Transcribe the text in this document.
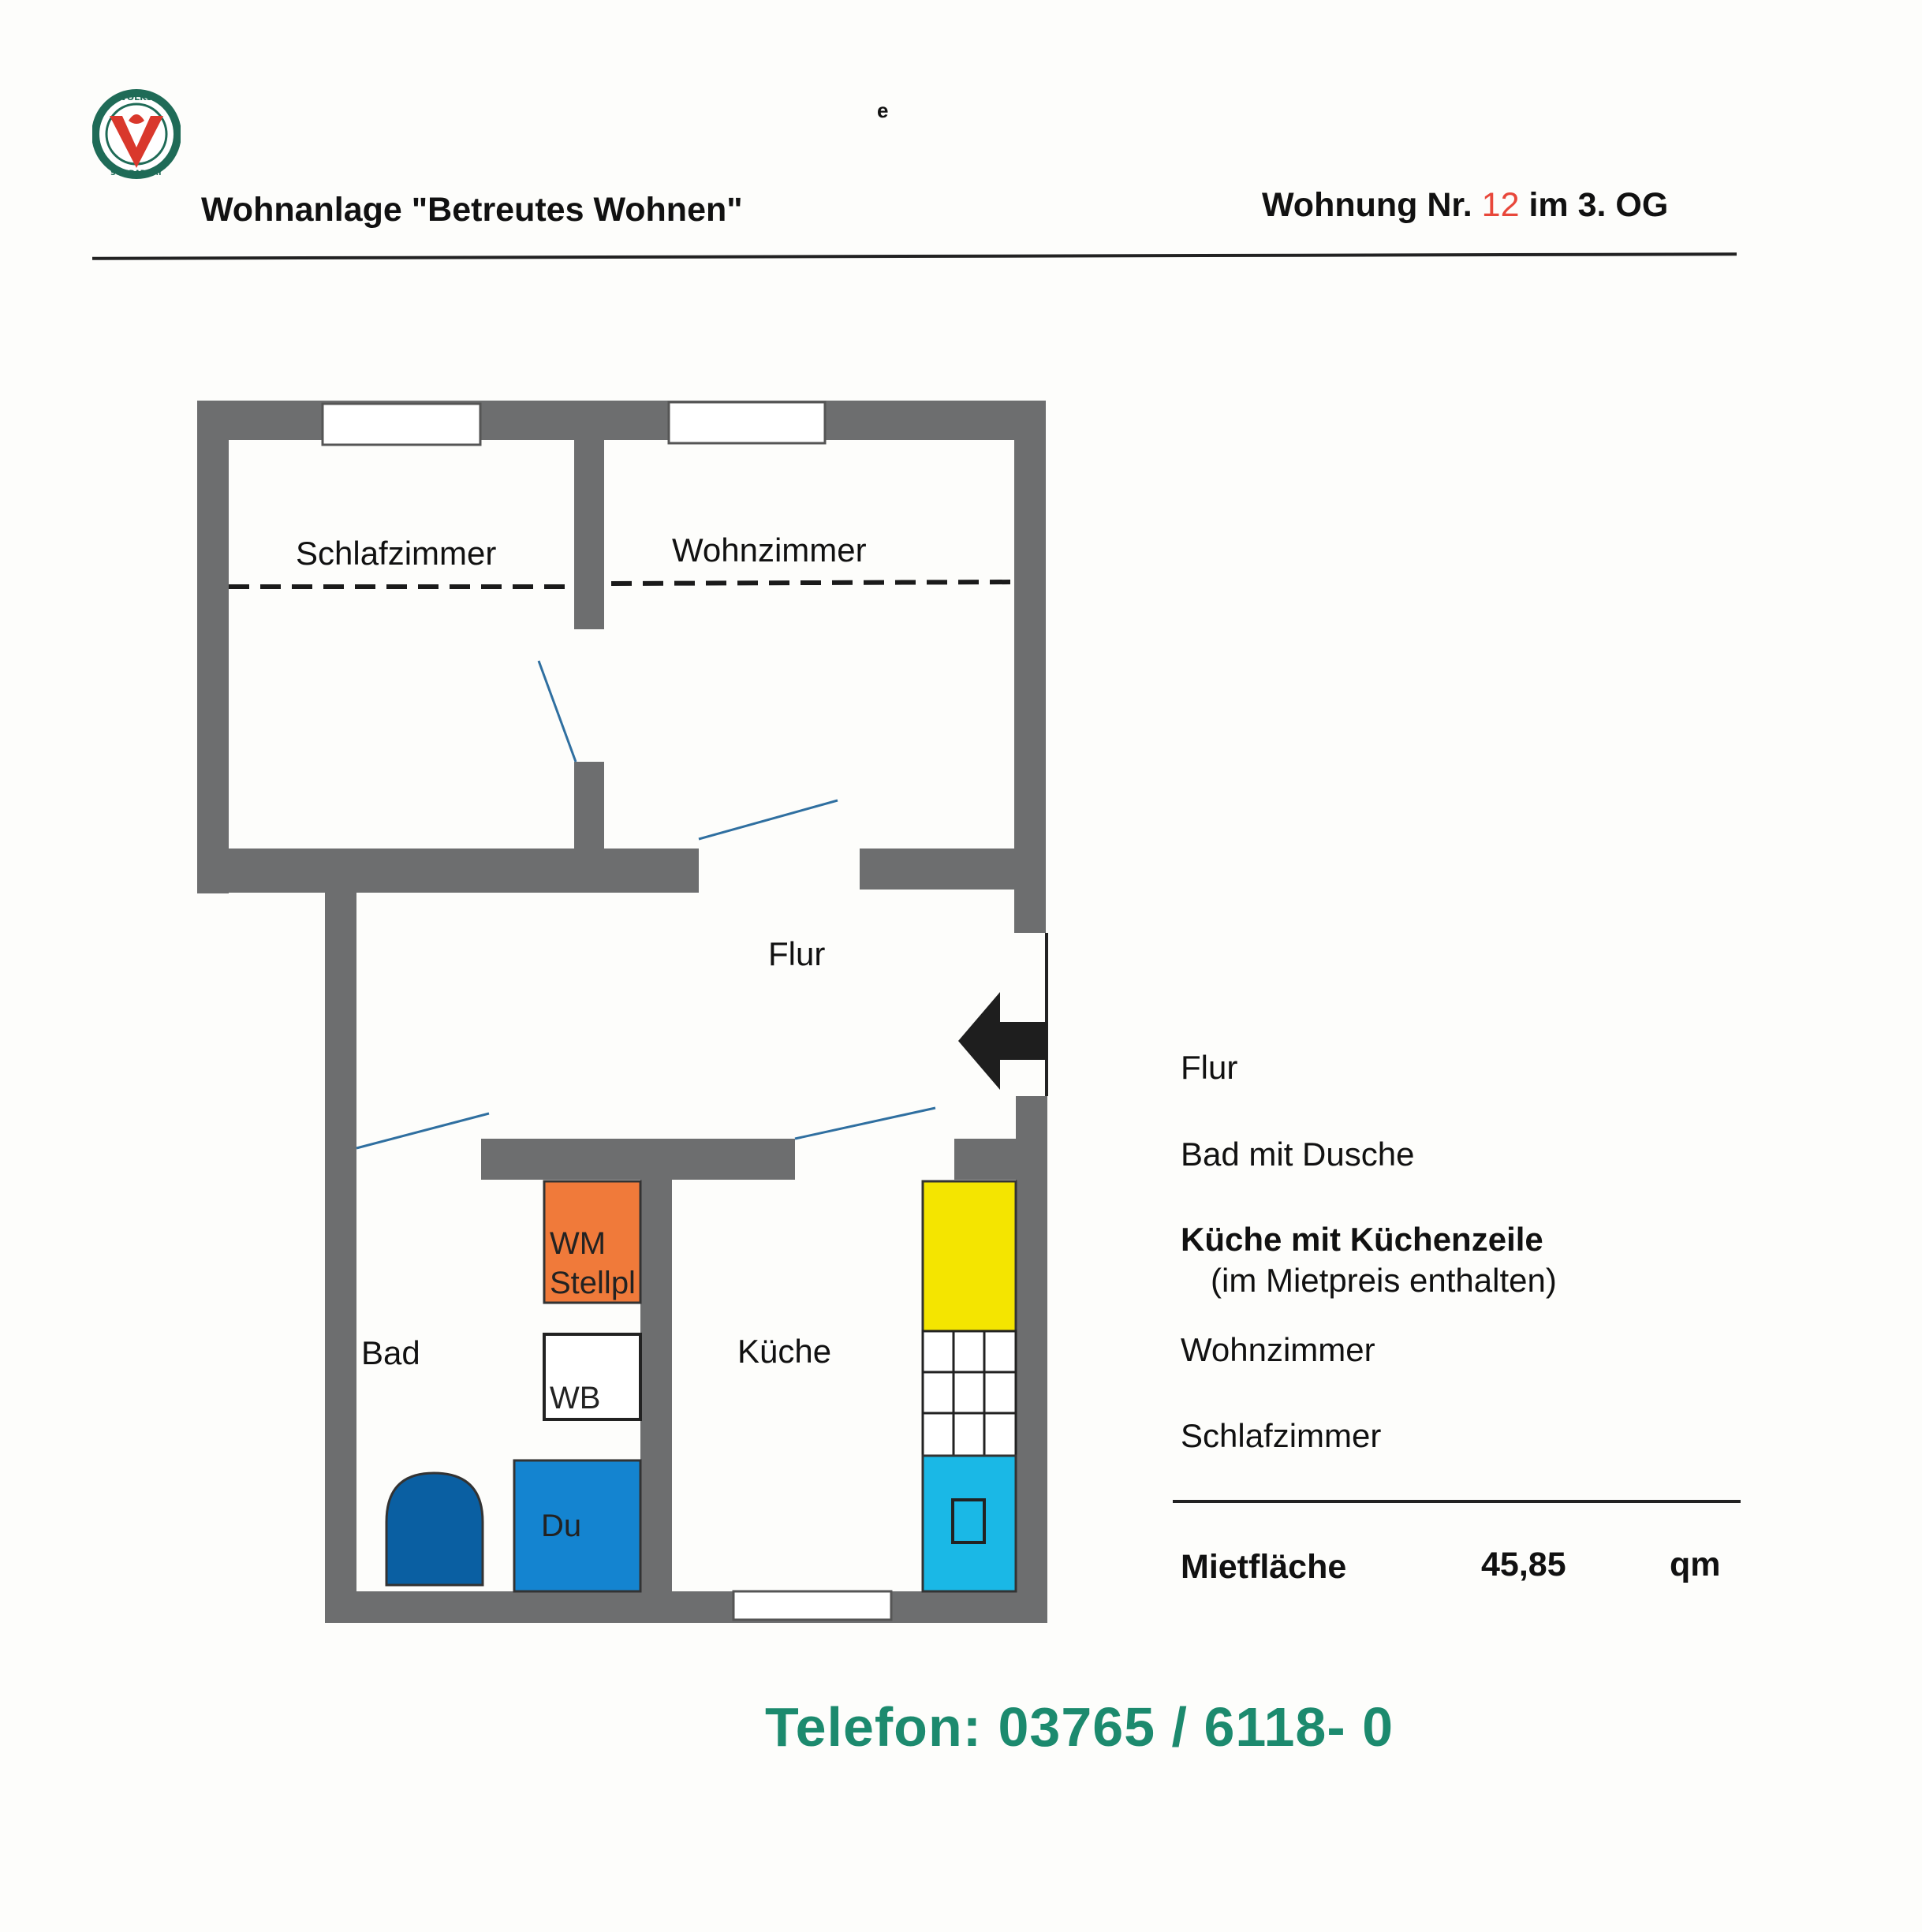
VOLKS
SOLIDARITÄT
e
Wohnanlage "Betreutes Wohnen"	Wohnung Nr. 12 im 3. OG
Schlafzimmer	Wohnzimmer
Flur
Bad	Küche
WM
Stellpl
WB
Du
Flur
Bad mit Dusche
Küche mit Küchenzeile
(im Mietpreis enthalten)
Wohnzimmer
Schlafzimmer
Mietfläche	45,85	qm
Telefon: 03765 / 6118- 0
